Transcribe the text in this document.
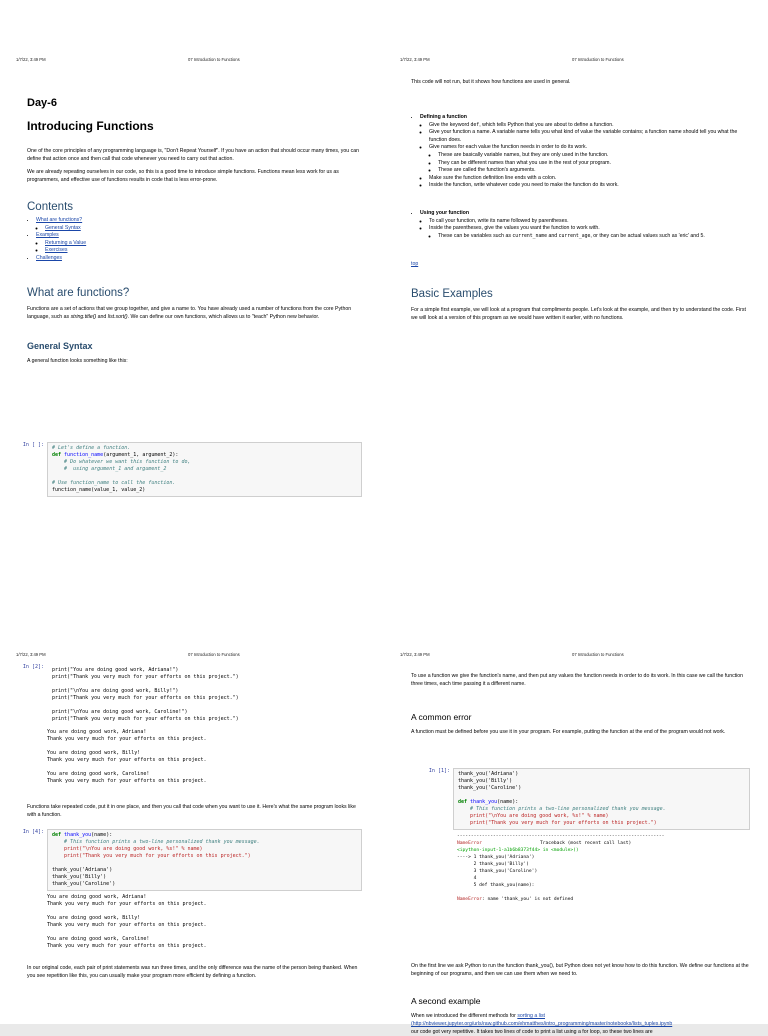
1/7/22, 3:49 PM	07 Introduction to Functions
Day-6
Introducing Functions

One of the core principles of any programming language is, "Don't Repeat Yourself". If you have an action that should occur many times, you can define that action once and then call that code whenever you need to carry out that action.

We are already repeating ourselves in our code, so this is a good time to introduce simple functions. Functions mean less work for us as programmers, and effective use of functions results in code that is less error-prone.

Contents
• What are functions?
◦ General Syntax
• Examples
◦ Returning a Value
◦ Exercises
• Challenges
What are functions?

Functions are a set of actions that we group together, and give a name to. You have already used a number of functions from the core Python language, such as string.title() and list.sort(). We can define our own functions, which allows us to "teach" Python new behavior.

General Syntax

A general function looks something like this:

In [ ]:	# Let's define a function.
def function_name(argument_1, argument_2):
# Do whatever we want this function to do,
#  using argument_1 and argument_2

# Use function_name to call the function.
function_name(value_1, value_2)
1/7/22, 3:49 PM	07 Introduction to Functions

This code will not run, but it shows how functions are used in general.

• Defining a function
◦ Give the keyword def, which tells Python that you are about to define a function.
◦ Give your function a name. A variable name tells you what kind of value the variable contains; a function name should tell you what the function does.
◦ Give names for each value the function needs in order to do its work.
◦ These are basically variable names, but they are only used in the function.
◦ They can be different names than what you use in the rest of your program.
◦ These are called the function's arguments.
◦ Make sure the function definition line ends with a colon.
◦ Inside the function, write whatever code you need to make the function do its work.
• Using your function
◦ To call your function, write its name followed by parentheses.
◦ Inside the parentheses, give the values you want the function to work with.
◦ These can be variables such as current_name and current_age, or they can be actual values such as 'eric' and 5.

top

Basic Examples

For a simple first example, we will look at a program that compliments people. Let's look at the example, and then try to understand the code. First we will look at a version of this program as we would have written it earlier, with no functions.

1/7/22, 3:49 PM	07 Introduction to Functions
In [2]:	print("You are doing good work, Adriana!")
print("Thank you very much for your efforts on this project.")

print("\nYou are doing good work, Billy!")
print("Thank you very much for your efforts on this project.")

print("\nYou are doing good work, Caroline!")
print("Thank you very much for your efforts on this project.")
You are doing good work, Adriana!
Thank you very much for your efforts on this project.

You are doing good work, Billy!
Thank you very much for your efforts on this project.

You are doing good work, Caroline!
Thank you very much for your efforts on this project.

Functions take repeated code, put it in one place, and then you call that code when you want to use it. Here's what the same program looks like with a function.

In [4]:	def thank_you(name):
# This function prints a two-line personalized thank you message.
print("\nYou are doing good work, %s!" % name)
print("Thank you very much for your efforts on this project.")

thank_you('Adriana')
thank_you('Billy')
thank_you('Caroline')
You are doing good work, Adriana!
Thank you very much for your efforts on this project.

You are doing good work, Billy!
Thank you very much for your efforts on this project.

You are doing good work, Caroline!
Thank you very much for your efforts on this project.

In our original code, each pair of print statements was run three times, and the only difference was the name of the person being thanked. When you see repetition like this, you can usually make your program more efficient by defining a function.

1/7/22, 3:49 PM	07 Introduction to Functions

To use a function we give the function's name, and then put any values the function needs in order to do its work. In this case we call the function three times, each time passing it a different name.

A common error

A function must be defined before you use it in your program. For example, putting the function at the end of the program would not work.

In [1]:	thank_you('Adriana')
thank_you('Billy')
thank_you('Caroline')

def thank_you(name):
# This function prints a two-line personalized thank you message.
print("\nYou are doing good work, %s!" % name)
print("Thank you very much for your efforts on this project.")
---------------------------------------------------------------------------
NameError	Traceback (most recent call last)
<ipython-input-1-a1b6b8373f44> in <module>()
----> 1 thank_you('Adriana')
2 thank_you('Billy')
3 thank_you('Caroline')
4
5 def thank_you(name):

NameError: name 'thank_you' is not defined

On the first line we ask Python to run the function thank_you(), but Python does not yet know how to do this function. We define our functions at the beginning of our programs, and then we can use them when we need to.

A second example

When we introduced the different methods for sorting a list
(http://nbviewer.jupyter.org/urls/raw.github.com/ehmatthes/intro_programming/master/notebooks/lists_tuples.ipynb
our code got very repetitive. It takes two lines of code to print a list using a for loop, so these two lines are
